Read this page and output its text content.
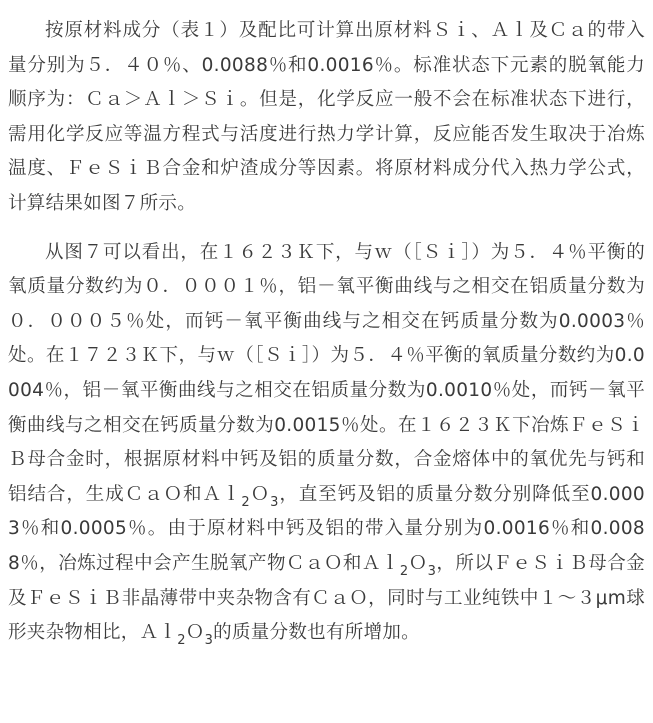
按原材料成分（表１）及配比可计算出原材料Ｓｉ、Ａｌ及Ｃａ的带入量分别为５．４０％、0.0088％和0.0016％。标准状态下元素的脱氧能力顺序为：Ｃａ＞Ａｌ＞Ｓｉ。但是，化学反应一般不会在标准状态下进行，需用化学反应等温方程式与活度进行热力学计算，反应能否发生取决于冶炼温度、ＦｅＳｉＢ合金和炉渣成分等因素。将原材料成分代入热力学公式，计算结果如图７所示。

从图７可以看出，在１６２３Ｋ下，与ｗ（［Ｓｉ］）为５．４％平衡的氧质量分数约为０．０００１％，铝－氧平衡曲线与之相交在铝质量分数为０．０００５％处，而钙－氧平衡曲线与之相交在钙质量分数为0.0003％处。在１７２３Ｋ下，与ｗ（［Ｓｉ］）为５．４％平衡的氧质量分数约为0.0004％，铝－氧平衡曲线与之相交在铝质量分数为0.0010％处，而钙－氧平衡曲线与之相交在钙质量分数为0.0015％处。在１６２３Ｋ下冶炼ＦｅＳｉＢ母合金时，根据原材料中钙及铝的质量分数，合金熔体中的氧优先与钙和铝结合，生成ＣａＯ和Ａｌ$_2$Ｏ$_3$，直至钙及铝的质量分数分别降低至0.0003％和0.0005％。由于原材料中钙及铝的带入量分别为0.0016％和0.0088％，冶炼过程中会产生脱氧产物ＣａＯ和Ａｌ$_2$Ｏ$_3$，所以ＦｅＳｉＢ母合金及ＦｅＳｉＢ非晶薄带中夹杂物含有ＣａＯ，同时与工业纯铁中１～３μm球形夹杂物相比，Ａｌ$_2$Ｏ$_3$的质量分数也有所增加。
